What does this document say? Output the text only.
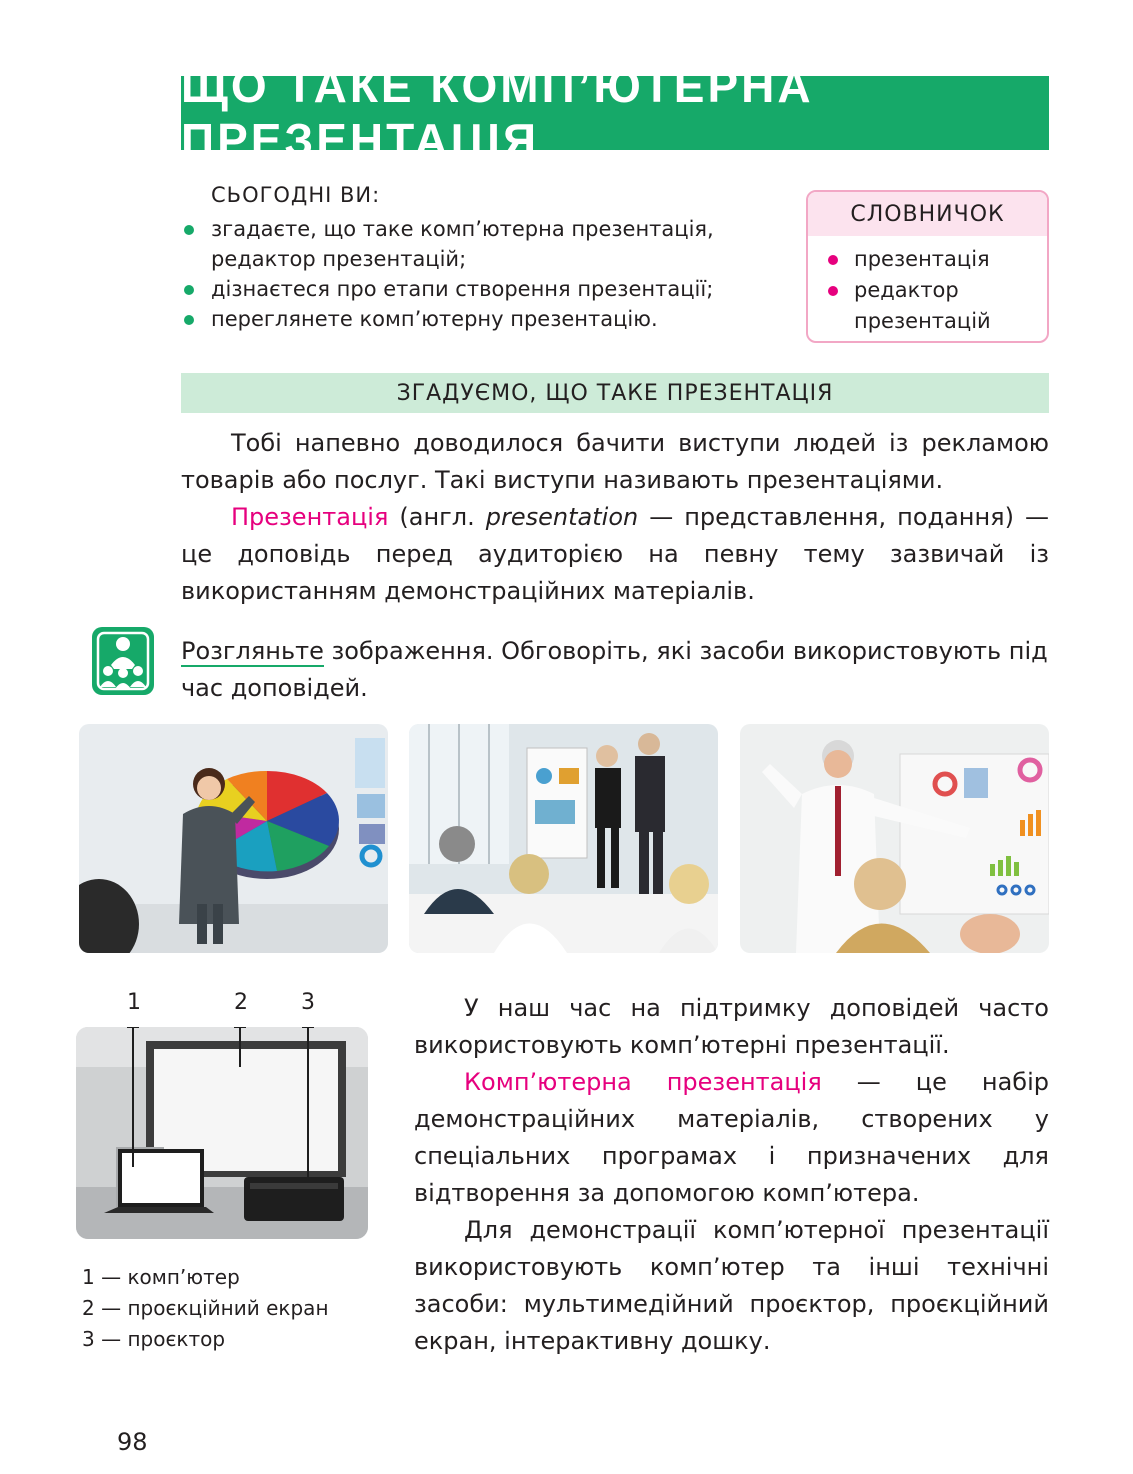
ЩО ТАКЕ КОМП’ЮТЕРНА ПРЕЗЕНТАЦІЯ
СЬОГОДНІ ВИ:
згадаєте, що таке комп’ютерна презентація, редактор презентацій;
дізнаєтеся про етапи створення презентації;
переглянете комп’ютерну презентацію.
СЛОВНИЧОК
презентація
редактор презентацій
ЗГАДУЄМО, ЩО ТАКЕ ПРЕЗЕНТАЦІЯ
Тобі напевно доводилося бачити виступи людей із рекламою товарів або послуг. Такі виступи називають презентаціями.
Презентація (англ. presentation — представлення, подання) — це доповідь перед аудиторією на певну тему зазвичай із використанням демонстраційних матеріалів.
Розгляньте зображення. Обговоріть, які засоби використовують під час доповідей.
1	2 3
1 — комп’ютер
2 — проєкційний екран
3 — проєктор
У наш час на підтримку доповідей часто використовують комп’ютерні презентації.
Комп’ютерна презентація — це набір демонстраційних матеріалів, створених у спеціальних програмах і призначених для відтворення за допомогою комп’ютера.
Для демонстрації комп’ютерної презентації використовують комп’ютер та інші технічні засоби: мультимедійний проєктор, проєкційний екран, інтерактивну дошку.
98
